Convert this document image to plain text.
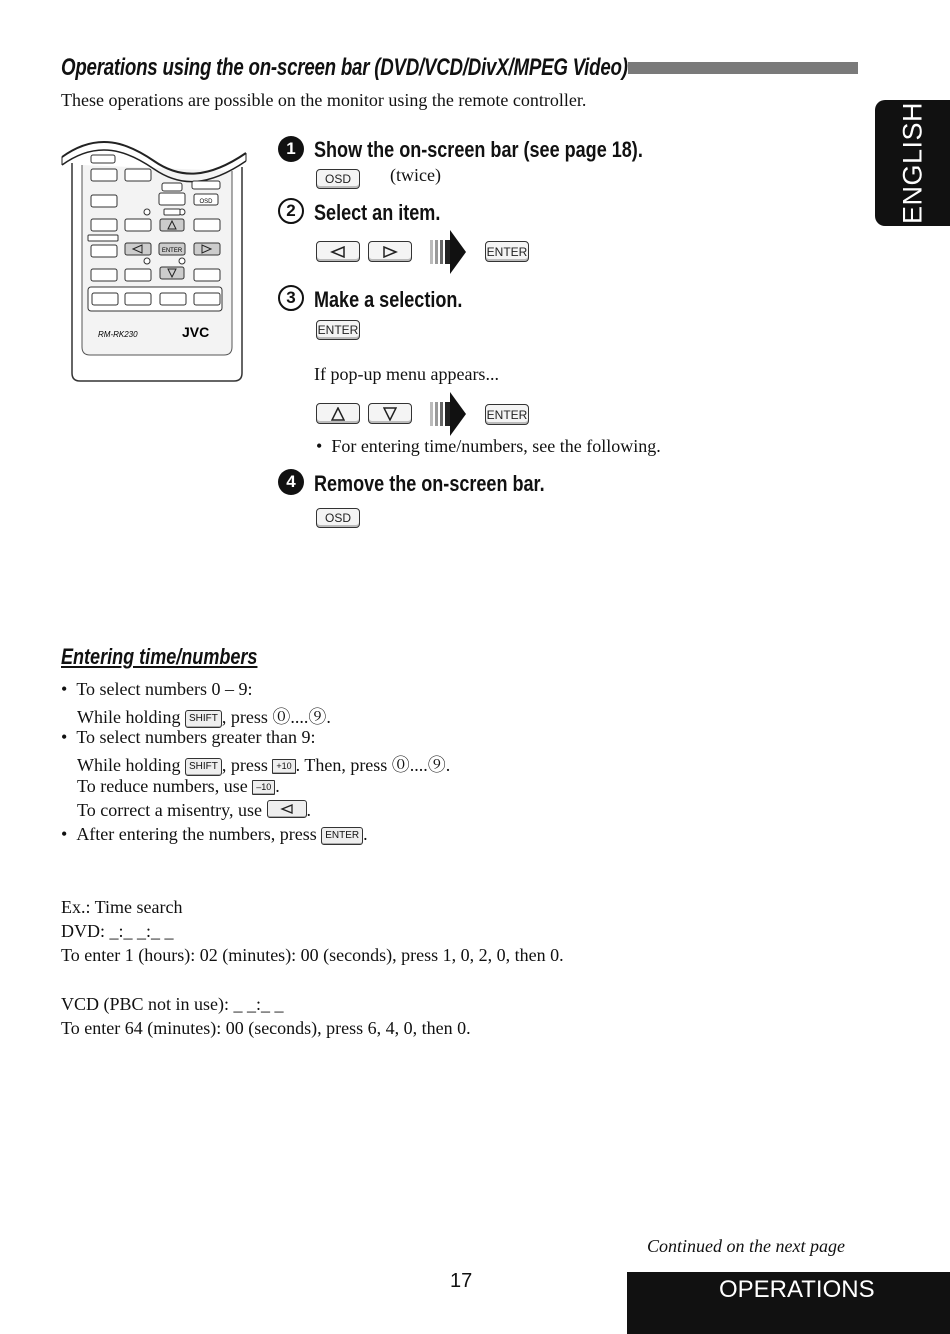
Operations using the on-screen bar (DVD/VCD/DivX/MPEG Video)
These operations are possible on the monitor using the remote controller.
ENGLISH
OSD
ENTER
RM-RK230	JVC
1 Show the on-screen bar (see page 18).
OSD	(twice)
2 Select an item.
ENTER
3 Make a selection.
ENTER
If pop-up menu appears...
ENTER
•  For entering time/numbers, see the following.
4 Remove the on-screen bar.
OSD
Entering time/numbers
•  To select numbers 0 – 9:
While holding SHIFT , press ⓪....⑨.
•  To select numbers greater than 9:
While holding SHIFT , press +10 . Then, press ⓪....⑨.
To reduce numbers, use –10 .
To correct a misentry, use .
•  After entering the numbers, press ENTER .
Ex.: Time search
DVD: _:_ _:_ _
To enter 1 (hours): 02 (minutes): 00 (seconds), press 1, 0, 2, 0, then 0.
VCD (PBC not in use): _ _:_ _
To enter 64 (minutes): 00 (seconds), press 6, 4, 0, then 0.
Continued on the next page
17	OPERATIONS
